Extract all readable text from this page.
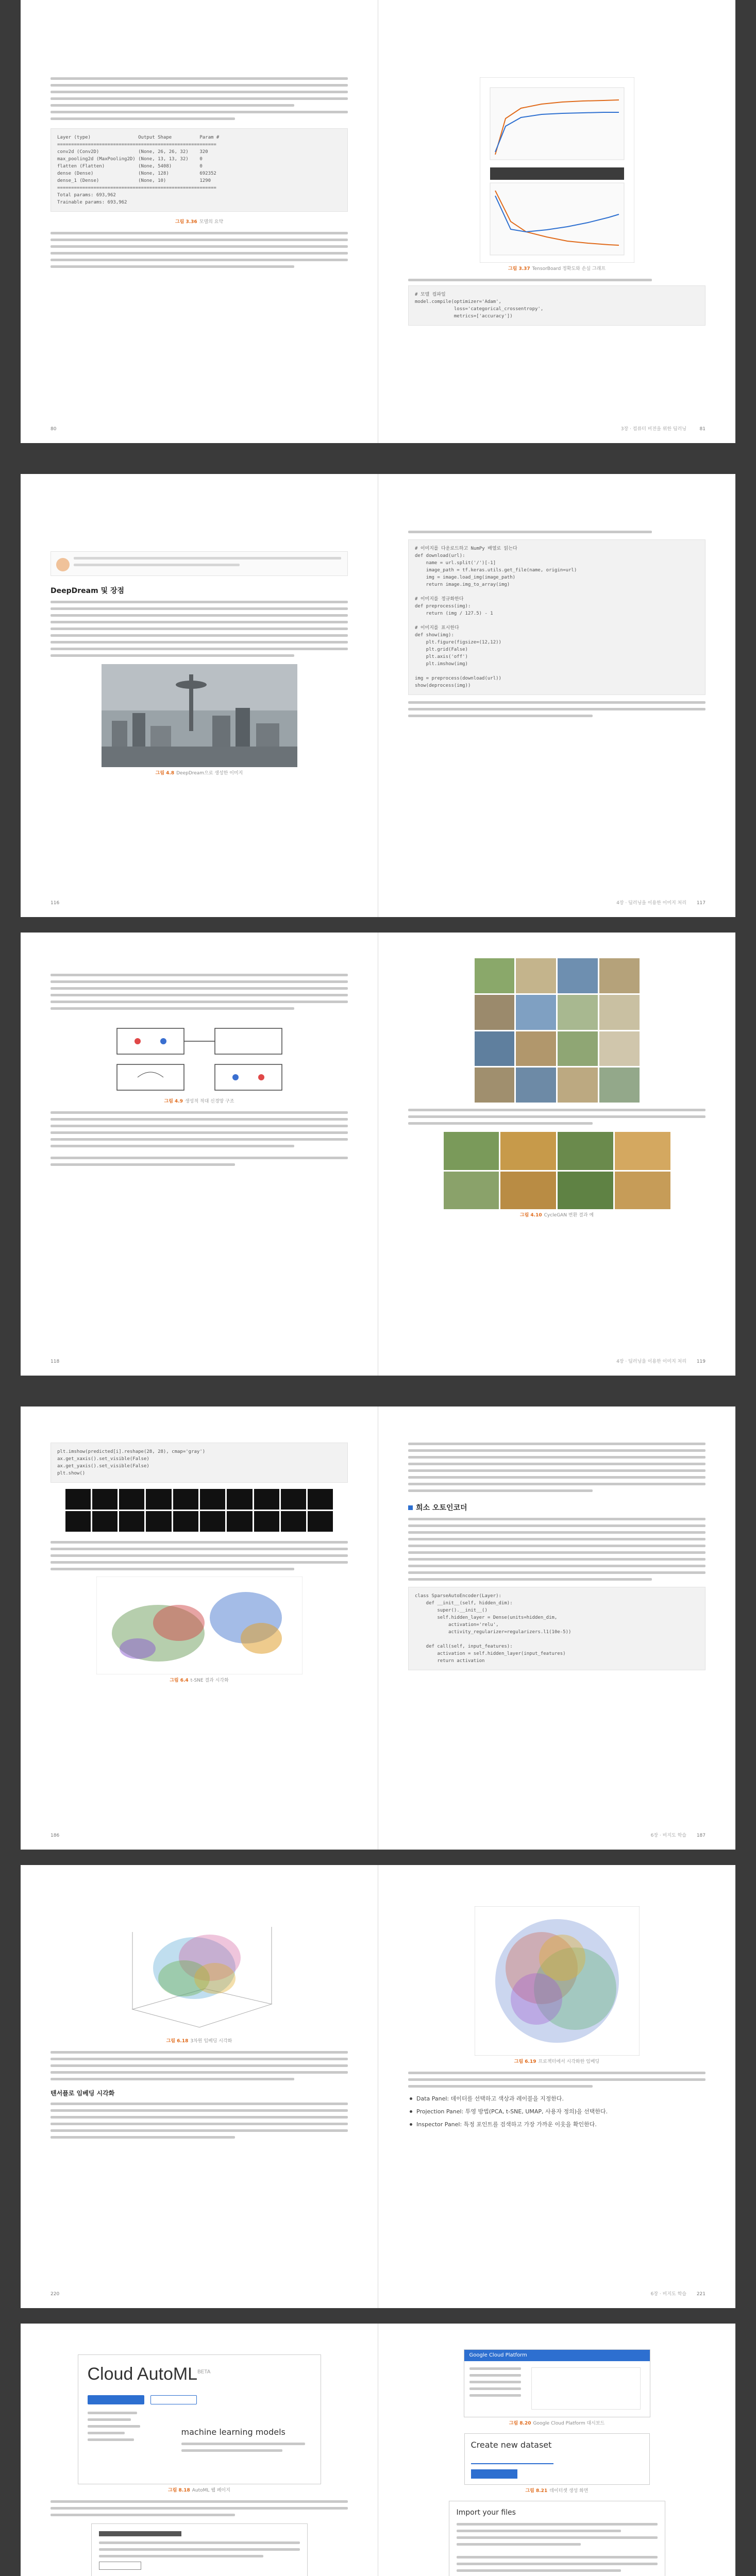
Layer (type)                 Output Shape          Param #
=========================================================
conv2d (Conv2D)              (None, 26, 26, 32)    320
max_pooling2d (MaxPooling2D) (None, 13, 13, 32)    0
flatten (Flatten)            (None, 5408)          0
dense (Dense)                (None, 128)           692352
dense_1 (Dense)              (None, 10)            1290
=========================================================
Total params: 693,962
Trainable params: 693,962
그림 3.36 모델의 요약
80
그림 3.37 TensorBoard 정확도와 손실 그래프
# 모델 컴파일
model.compile(optimizer='Adam',
loss='categorical_crossentropy',
metrics=['accuracy'])
3장 · 컴퓨터 비전을 위한 딥러닝	81
DeepDream 및 장점
그림 4.8 DeepDream으로 생성한 이미지
116
# 이미지를 다운로드하고 NumPy 배열로 읽는다
def download(url):
name = url.split('/')[-1]
image_path = tf.keras.utils.get_file(name, origin=url)
img = image.load_img(image_path)
return image.img_to_array(img)

# 이미지를 정규화한다
def preprocess(img):
return (img / 127.5) - 1

# 이미지를 표시한다
def show(img):
plt.figure(figsize=(12,12))
plt.grid(False)
plt.axis('off')
plt.imshow(img)

img = preprocess(download(url))
show(deprocess(img))
4장 · 딥러닝을 이용한 이미지 처리 117
그림 4.9 생성적 적대 신경망 구조
118
그림 4.10 CycleGAN 변환 결과 예
4장 · 딥러닝을 이용한 이미지 처리 119
plt.imshow(predicted[i].reshape(28, 28), cmap='gray')
ax.get_xaxis().set_visible(False)
ax.get_yaxis().set_visible(False)
plt.show()
그림 6.4 t-SNE 결과 시각화
186
희소 오토인코더
class SparseAutoEncoder(Layer):
def __init__(self, hidden_dim):
super().__init__()
self.hidden_layer = Dense(units=hidden_dim,
activation='relu',
activity_regularizer=regularizers.l1(10e-5))

def call(self, input_features):
activation = self.hidden_layer(input_features)
return activation
6장 · 비지도 학습 187
그림 6.18 3차원 임베딩 시각화
텐서플로 임베딩 시각화
220
그림 6.19 프로젝터에서 시각화한 임베딩
Data Panel: 데이터를 선택하고 색상과 레이블을 지정한다.
Projection Panel: 투영 방법(PCA, t-SNE, UMAP, 사용자 정의)을 선택한다.
Inspector Panel: 특정 포인트를 검색하고 가장 가까운 이웃을 확인한다.
6장 · 비지도 학습 221
Cloud AutoML$^{BETA}$
machine learning models
그림 8.18 AutoML 웹 페이지
Google Cloud Platform
그림 8.20 Google Cloud Platform 대시보드
Create new dataset
그림 8.21 데이터셋 생성 화면
Import your files
